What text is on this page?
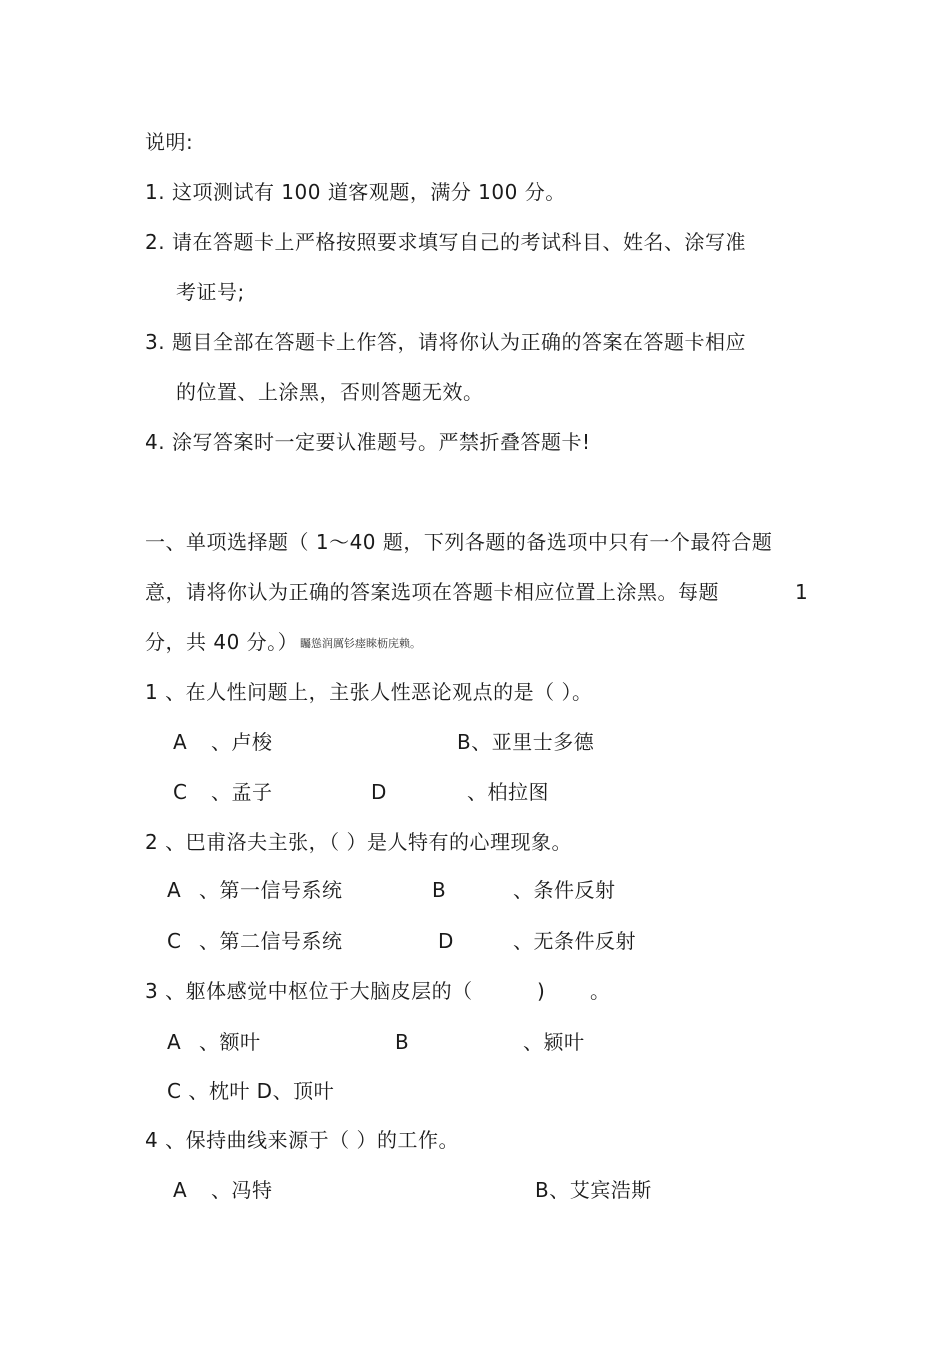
说明:
1. 这项测试有 100 道客观题，满分 100 分。
2. 请在答题卡上严格按照要求填写自己的考试科目、姓名、涂写准
考证号;
3. 题目全部在答题卡上作答，请将你认为正确的答案在答题卡相应
的位置、上涂黑，否则答题无效。
4. 涂写答案时一定要认准题号。严禁折叠答题卡!
一、单项选择题（ 1～40 题，下列各题的备选项中只有一个最符合题
意，请将你认为正确的答案选项在答题卡相应位置上涂黑。每题	1
分，共 40 分。） 矚慫润厲钐瘗睞枥庑赖。
1 、在人性问题上，主张人性恶论观点的是（ ）。
A 、卢梭	B、亚里士多德
C 、孟子	D	、柏拉图
2 、巴甫洛夫主张，（ ）是人特有的心理现象。
A 、第一信号系统	B	、条件反射
C 、第二信号系统	D	、无条件反射
3 、躯体感觉中枢位于大脑皮层的（	) 。
A 、额叶	B	、颍叶
C 、枕叶 D、顶叶
4 、保持曲线来源于（ ）的工作。
A 、冯特	B、艾宾浩斯
